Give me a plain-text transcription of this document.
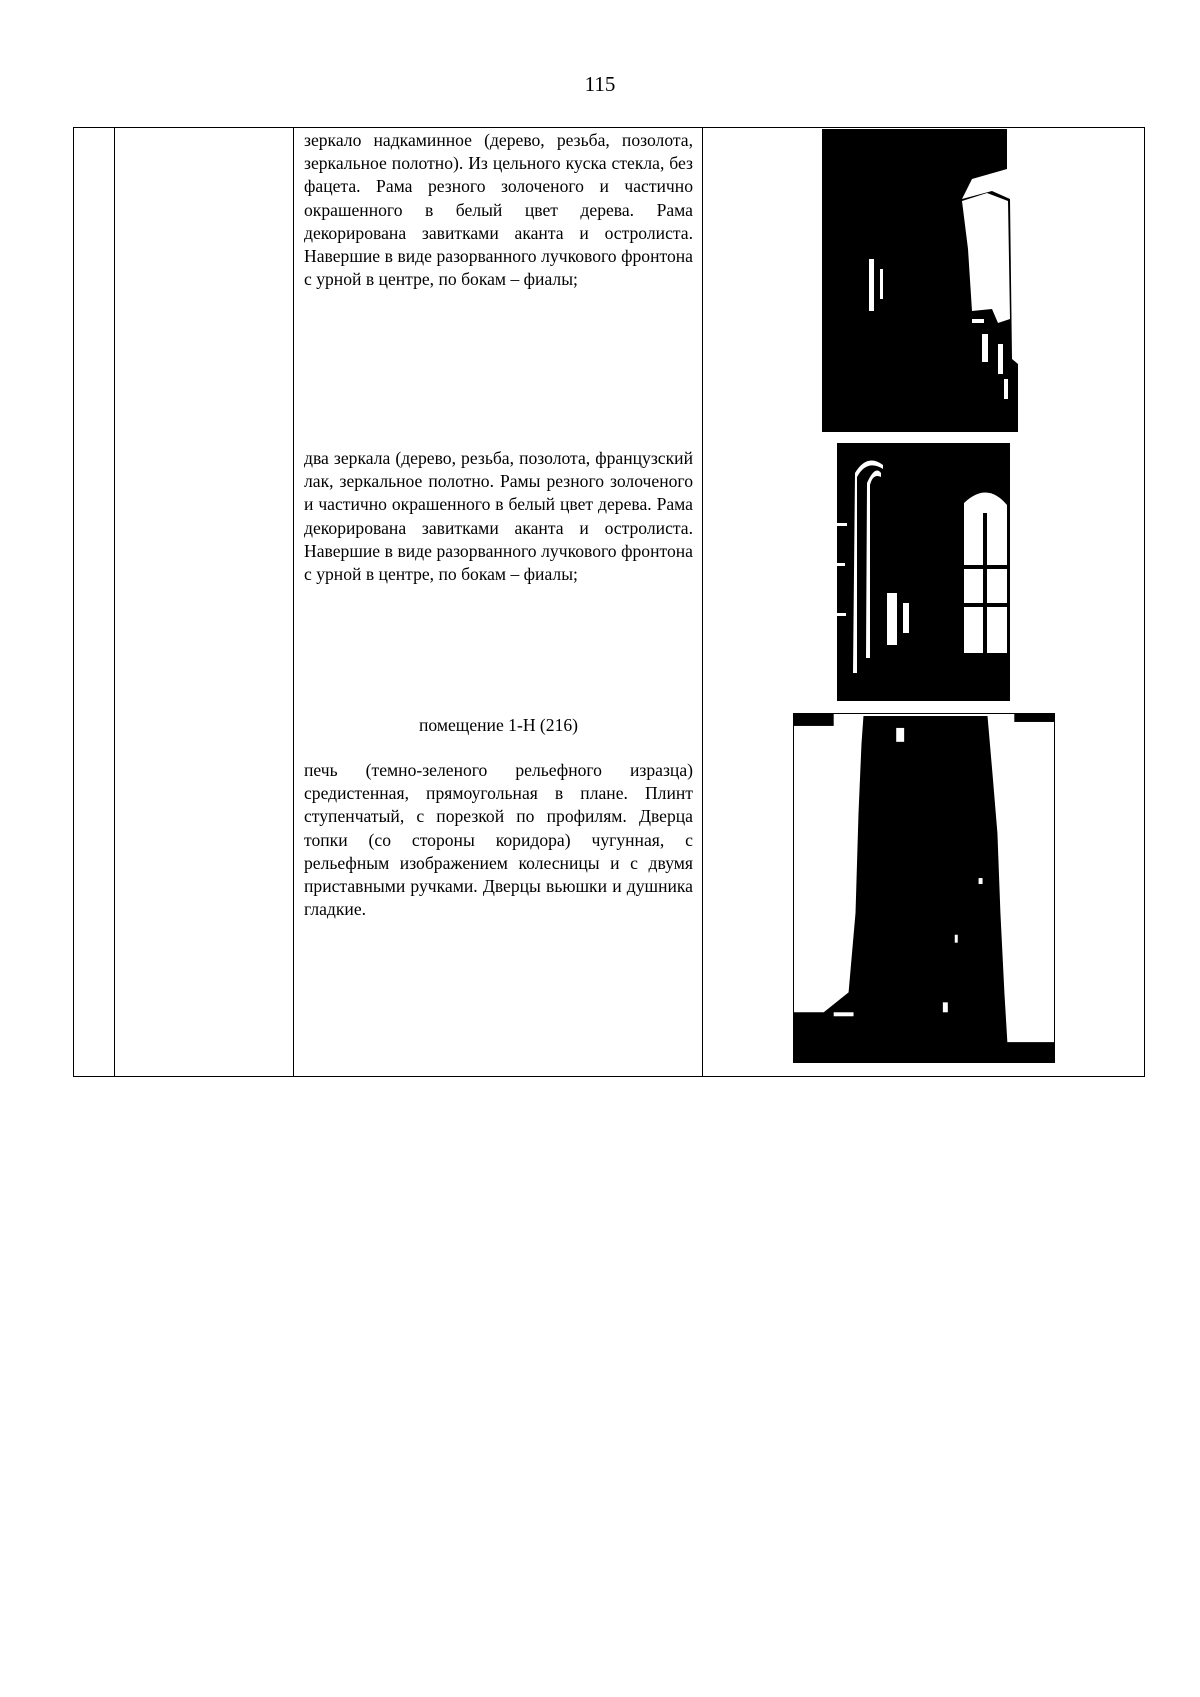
115

зеркало надкаминное (дерево, резьба, позолота, зеркальное полотно). Из цельного куска стекла, без фацета. Рама резного золоченого и частично окрашенного в белый цвет дерева. Рама декорирована завитками аканта и остролиста. Навершие в виде разорванного лучкового фронтона с урной в центре, по бокам – фиалы;

два зеркала (дерево, резьба, позолота, французский лак, зеркальное полотно. Рамы резного золоченого и частично окрашенного в белый цвет дерева. Рама декорирована завитками аканта и остролиста. Навершие в виде разорванного лучкового фронтона с урной в центре, по бокам – фиалы;

помещение 1-Н (216)

печь (темно-зеленого рельефного изразца) средистенная, прямоугольная в плане. Плинт ступенчатый, с порезкой по профилям. Дверца топки (со стороны коридора) чугунная, с рельефным изображением колесницы и с двумя приставными ручками. Дверцы вьюшки и душника гладкие.
